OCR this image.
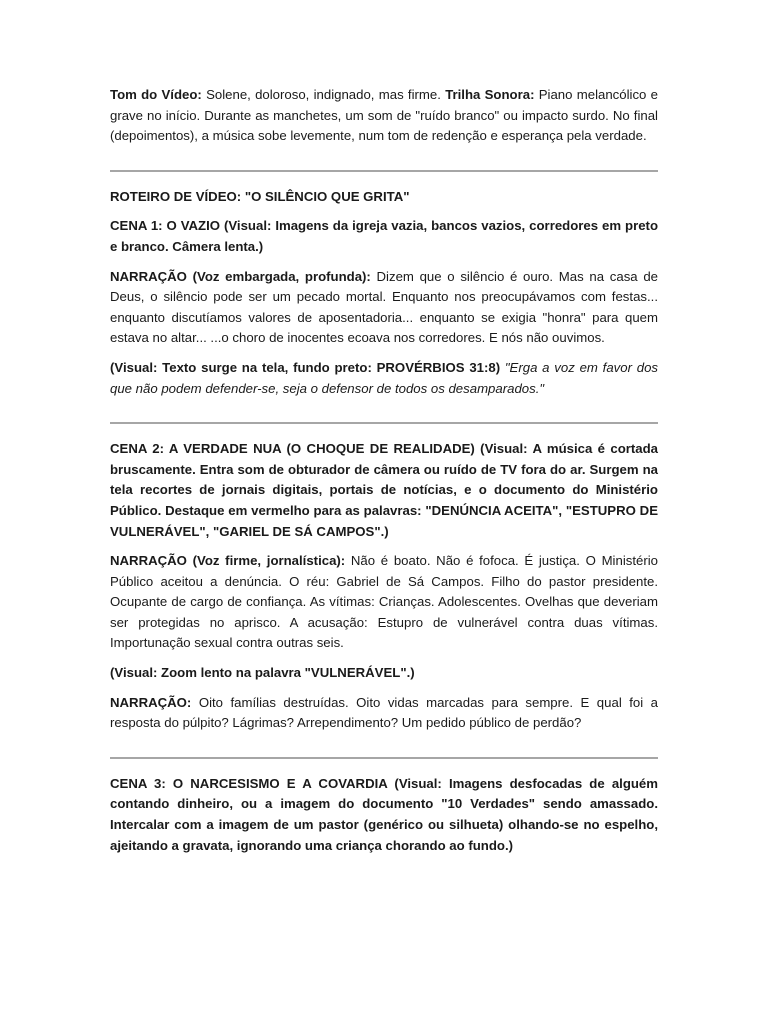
Tom do Vídeo: Solene, doloroso, indignado, mas firme. Trilha Sonora: Piano melancólico e grave no início. Durante as manchetes, um som de "ruído branco" ou impacto surdo. No final (depoimentos), a música sobe levemente, num tom de redenção e esperança pela verdade.

ROTEIRO DE VÍDEO: "O SILÊNCIO QUE GRITA"

CENA 1: O VAZIO (Visual: Imagens da igreja vazia, bancos vazios, corredores em preto e branco. Câmera lenta.)

NARRAÇÃO (Voz embargada, profunda): Dizem que o silêncio é ouro. Mas na casa de Deus, o silêncio pode ser um pecado mortal. Enquanto nos preocupávamos com festas... enquanto discutíamos valores de aposentadoria... enquanto se exigia "honra" para quem estava no altar... ...o choro de inocentes ecoava nos corredores. E nós não ouvimos.

(Visual: Texto surge na tela, fundo preto: PROVÉRBIOS 31:8) "Erga a voz em favor dos que não podem defender-se, seja o defensor de todos os desamparados."

CENA 2: A VERDADE NUA (O CHOQUE DE REALIDADE) (Visual: A música é cortada bruscamente. Entra som de obturador de câmera ou ruído de TV fora do ar. Surgem na tela recortes de jornais digitais, portais de notícias, e o documento do Ministério Público. Destaque em vermelho para as palavras: "DENÚNCIA ACEITA", "ESTUPRO DE VULNERÁVEL", "GARIEL DE SÁ CAMPOS".)

NARRAÇÃO (Voz firme, jornalística): Não é boato. Não é fofoca. É justiça. O Ministério Público aceitou a denúncia. O réu: Gabriel de Sá Campos. Filho do pastor presidente. Ocupante de cargo de confiança. As vítimas: Crianças. Adolescentes. Ovelhas que deveriam ser protegidas no aprisco. A acusação: Estupro de vulnerável contra duas vítimas. Importunação sexual contra outras seis.

(Visual: Zoom lento na palavra "VULNERÁVEL".)

NARRAÇÃO: Oito famílias destruídas. Oito vidas marcadas para sempre. E qual foi a resposta do púlpito? Lágrimas? Arrependimento? Um pedido público de perdão?

CENA 3: O NARCESISMO E A COVARDIA (Visual: Imagens desfocadas de alguém contando dinheiro, ou a imagem do documento "10 Verdades" sendo amassado. Intercalar com a imagem de um pastor (genérico ou silhueta) olhando-se no espelho, ajeitando a gravata, ignorando uma criança chorando ao fundo.)
